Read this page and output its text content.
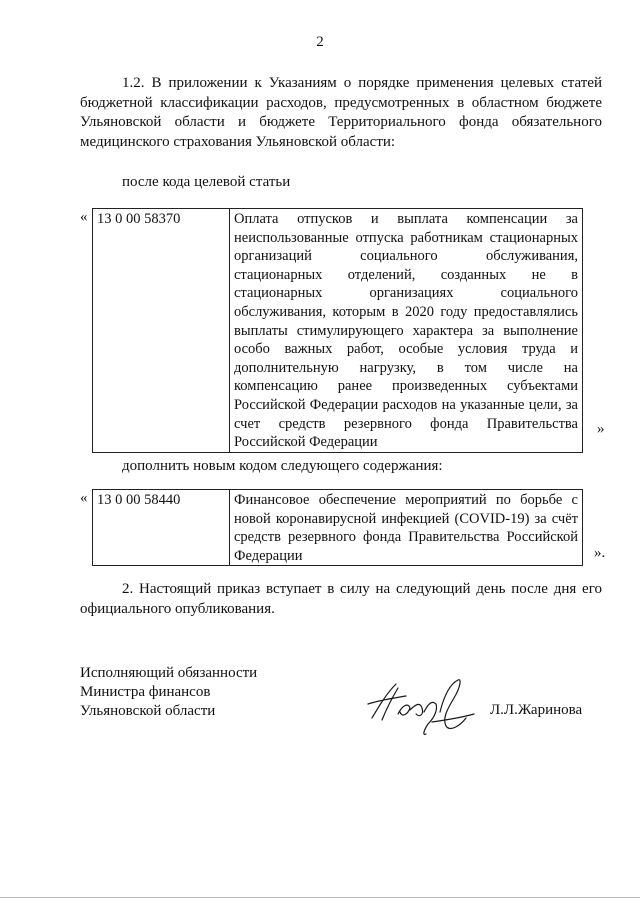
2

1.2. В приложении к Указаниям о порядке применения целевых статей бюджетной классификации расходов, предусмотренных в областном бюджете Ульяновской области и бюджете Территориального фонда обязательного медицинского страхования Ульяновской области:

после кода целевой статьи

« 13 0 00 58370	Оплата отпусков и выплата компенсации за неиспользованные отпуска работникам стационарных организаций социального обслуживания, стационарных отделений, созданных не в стационарных организациях социального обслуживания, которым в 2020 году предоставлялись выплаты стимулирующего характера за выполнение особо важных работ, особые условия труда и дополнительную нагрузку, в том числе на компенсацию ранее произведенных субъектами Российской Федерации расходов на указанные цели, за счет средств резервного фонда Правительства Российской Федерации
»

дополнить новым кодом следующего содержания:

« 13 0 00 58440	Финансовое обеспечение мероприятий по борьбе с новой коронавирусной инфекцией (COVID-19) за счёт средств резервного фонда Правительства Российской Федерации	».

2. Настоящий приказ вступает в силу на следующий день после дня его официального опубликования.

Исполняющий обязанности
Министра финансов
Ульяновской области	Л.Л.Жаринова
